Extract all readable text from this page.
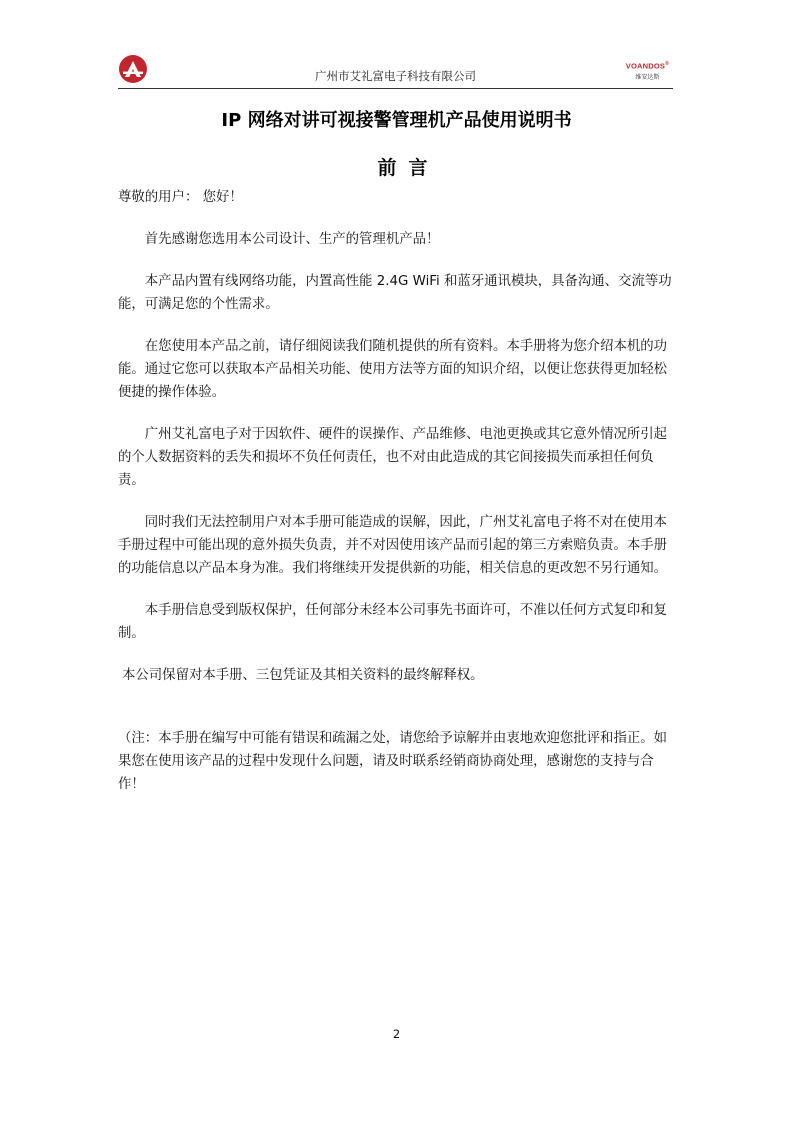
广州市艾礼富电子科技有限公司
VOANDOS®
维安达斯
IP 网络对讲可视接警管理机产品使用说明书
前言
尊敬的用户： 您好！
首先感谢您选用本公司设计、生产的管理机产品！
本产品内置有线网络功能，内置高性能 2.4G WiFi 和蓝牙通讯模块，具备沟通、交流等功能，可满足您的个性需求。
在您使用本产品之前，请仔细阅读我们随机提供的所有资料。本手册将为您介绍本机的功能。通过它您可以获取本产品相关功能、使用方法等方面的知识介绍，以便让您获得更加轻松便捷的操作体验。
广州艾礼富电子对于因软件、硬件的误操作、产品维修、电池更换或其它意外情况所引起的个人数据资料的丢失和损坏不负任何责任，也不对由此造成的其它间接损失而承担任何负责。
同时我们无法控制用户对本手册可能造成的误解，因此，广州艾礼富电子将不对在使用本手册过程中可能出现的意外损失负责，并不对因使用该产品而引起的第三方索赔负责。本手册的功能信息以产品本身为准。我们将继续开发提供新的功能，相关信息的更改恕不另行通知。
本手册信息受到版权保护，任何部分未经本公司事先书面许可，不准以任何方式复印和复制。
本公司保留对本手册、三包凭证及其相关资料的最终解释权。
（注：本手册在编写中可能有错误和疏漏之处，请您给予谅解并由衷地欢迎您批评和指正。如果您在使用该产品的过程中发现什么问题，请及时联系经销商协商处理，感谢您的支持与合作！
2
